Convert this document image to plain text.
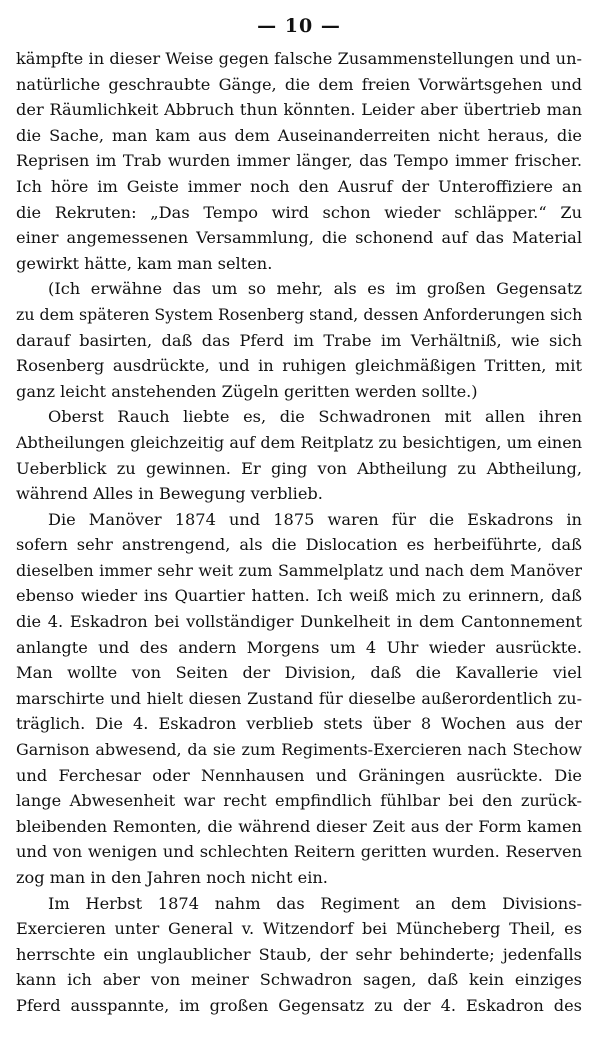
— 10 —
kämpfte in dieser Weise gegen falsche Zusammenstellungen und un-
natürliche geschraubte Gänge, die dem freien Vorwärtsgehen und
der Räumlichkeit Abbruch thun könnten. Leider aber übertrieb man
die Sache, man kam aus dem Auseinanderreiten nicht heraus, die
Reprisen im Trab wurden immer länger, das Tempo immer frischer.
Ich höre im Geiste immer noch den Ausruf der Unteroffiziere an
die Rekruten: „Das Tempo wird schon wieder schläpper.“ Zu
einer angemessenen Versammlung, die schonend auf das Material
gewirkt hätte, kam man selten.
(Ich erwähne das um so mehr, als es im großen Gegensatz
zu dem späteren System Rosenberg stand, dessen Anforderungen sich
darauf basirten, daß das Pferd im Trabe im Verhältniß, wie sich
Rosenberg ausdrückte, und in ruhigen gleichmäßigen Tritten, mit
ganz leicht anstehenden Zügeln geritten werden sollte.)
Oberst Rauch liebte es, die Schwadronen mit allen ihren
Abtheilungen gleichzeitig auf dem Reitplatz zu besichtigen, um einen
Ueberblick zu gewinnen. Er ging von Abtheilung zu Abtheilung,
während Alles in Bewegung verblieb.
Die Manöver 1874 und 1875 waren für die Eskadrons in
sofern sehr anstrengend, als die Dislocation es herbeiführte, daß
dieselben immer sehr weit zum Sammelplatz und nach dem Manöver
ebenso wieder ins Quartier hatten. Ich weiß mich zu erinnern, daß
die 4. Eskadron bei vollständiger Dunkelheit in dem Cantonnement
anlangte und des andern Morgens um 4 Uhr wieder ausrückte.
Man wollte von Seiten der Division, daß die Kavallerie viel
marschirte und hielt diesen Zustand für dieselbe außerordentlich zu-
träglich. Die 4. Eskadron verblieb stets über 8 Wochen aus der
Garnison abwesend, da sie zum Regiments-Exercieren nach Stechow
und Ferchesar oder Nennhausen und Gräningen ausrückte. Die
lange Abwesenheit war recht empfindlich fühlbar bei den zurück-
bleibenden Remonten, die während dieser Zeit aus der Form kamen
und von wenigen und schlechten Reitern geritten wurden. Reserven
zog man in den Jahren noch nicht ein.
Im Herbst 1874 nahm das Regiment an dem Divisions-
Exercieren unter General v. Witzendorf bei Müncheberg Theil, es
herrschte ein unglaublicher Staub, der sehr behinderte; jedenfalls
kann ich aber von meiner Schwadron sagen, daß kein einziges
Pferd ausspannte, im großen Gegensatz zu der 4. Eskadron des
